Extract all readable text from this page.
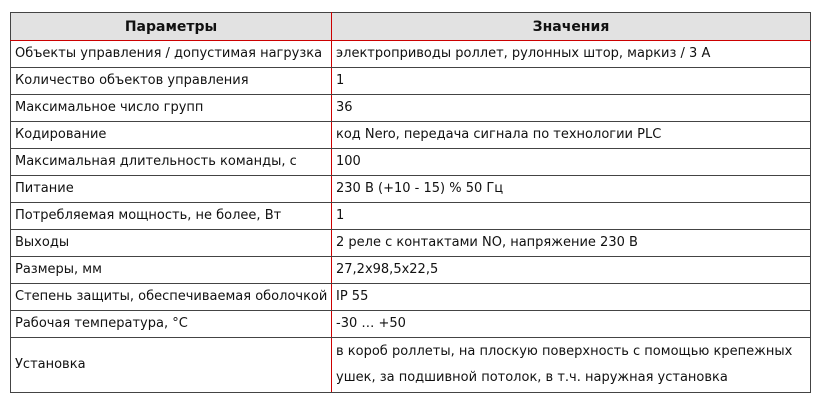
Параметры	Значения
Объекты управления / допустимая нагрузка	электроприводы роллет, рулонных штор, маркиз / 3 А
Количество объектов управления	1
Максимальное число групп	36
Кодирование	код Nero, передача сигнала по технологии PLC
Максимальная длительность команды, с	100
Питание	230 В (+10 - 15) % 50 Гц
Потребляемая мощность, не более, Вт	1
Выходы	2 реле с контактами NO, напряжение 230 В
Размеры, мм	27,2x98,5x22,5
Степень защиты, обеспечиваемая оболочкой	IP 55
Рабочая температура, °C	-30 … +50
Установка	в короб роллеты, на плоскую поверхность с помощью крепежных ушек, за подшивной потолок, в т.ч. наружная установка
